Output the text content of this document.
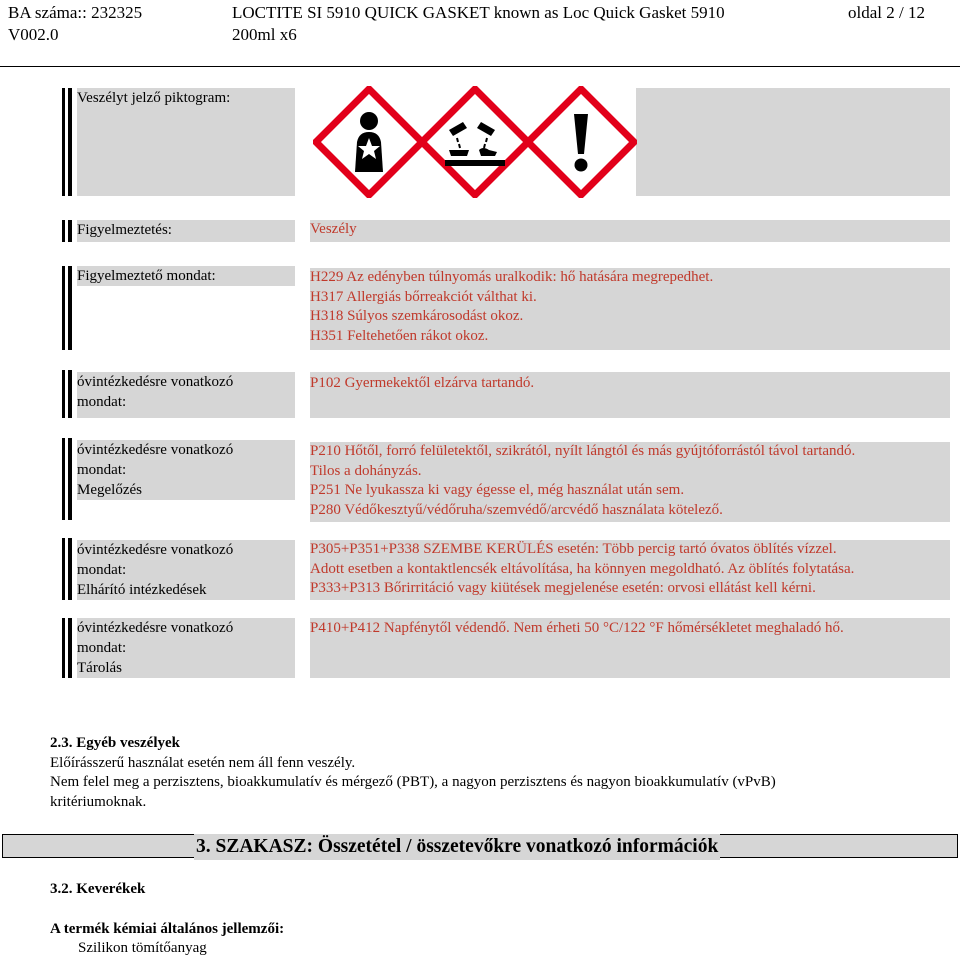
BA száma:: 232325
V002.0
LOCTITE SI 5910 QUICK GASKET known as Loc Quick Gasket 5910
200ml x6
oldal 2 / 12
Veszélyt jelző piktogram:
Figyelmeztetés:	Veszély
Figyelmeztető mondat:	H229 Az edényben túlnyomás uralkodik: hő hatására megrepedhet.
H317 Allergiás bőrreakciót válthat ki.
H318 Súlyos szemkárosodást okoz.
H351 Feltehetően rákot okoz.
óvintézkedésre vonatkozó
mondat:
P102 Gyermekektől elzárva tartandó.
óvintézkedésre vonatkozó
mondat:
Megelőzés
P210 Hőtől, forró felületektől, szikrától, nyílt lángtól és más gyújtóforrástól távol tartandó.
Tilos a dohányzás.
P251 Ne lyukassza ki vagy égesse el, még használat után sem.
P280 Védőkesztyű/védőruha/szemvédő/arcvédő használata kötelező.
óvintézkedésre vonatkozó
mondat:
Elhárító intézkedések
P305+P351+P338 SZEMBE KERÜLÉS esetén: Több percig tartó óvatos öblítés vízzel.
Adott esetben a kontaktlencsék eltávolítása, ha könnyen megoldható. Az öblítés folytatása.
P333+P313 Bőrirritáció vagy kiütések megjelenése esetén: orvosi ellátást kell kérni.
óvintézkedésre vonatkozó
mondat:
Tárolás
P410+P412 Napfénytől védendő. Nem érheti 50 °C/122 °F hőmérsékletet meghaladó hő.
2.3. Egyéb veszélyek
Előírásszerű használat esetén nem áll fenn veszély.
Nem felel meg a perzisztens, bioakkumulatív és mérgező (PBT), a nagyon perzisztens és nagyon bioakkumulatív (vPvB)
kritériumoknak.
3. SZAKASZ: Összetétel / összetevőkre vonatkozó információk
3.2. Keverékek
A termék kémiai általános jellemzői:
Szilikon tömítőanyag
